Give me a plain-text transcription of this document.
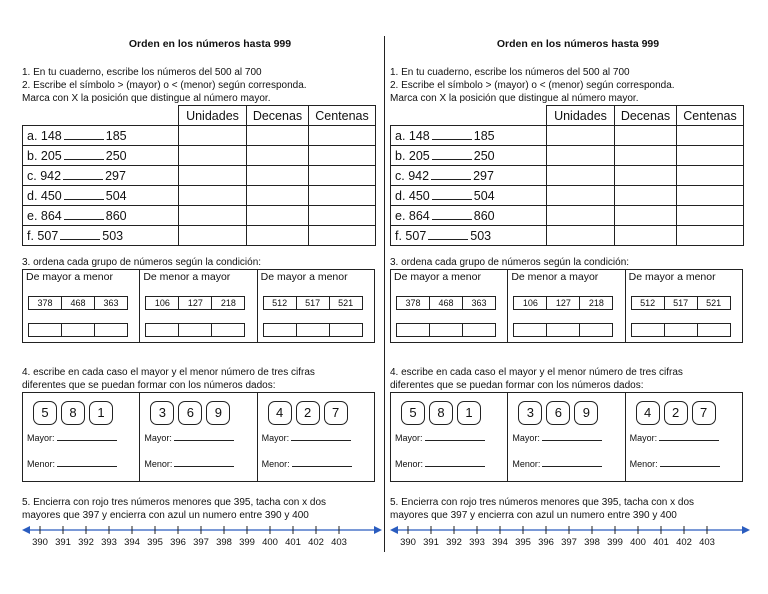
Orden en los números hasta 999
1. En tu cuaderno, escribe los números del 500 al 700
2. Escribe el símbolo > (mayor) o < (menor) según corresponda.
Marca con X la posición que distingue al número mayor.
	Unidades	Decenas	Centenas
a. 148 185			
b. 205 250			
c. 942 297			
d. 450 504			
e. 864 860			
f. 507 503			
3. ordena cada grupo de números según la condición:
De mayor a menor
378	468	363
De menor a mayor
106	127	218
De mayor a menor
512	517	521
4. escribe en cada caso el mayor y el menor número de tres cifras
diferentes que se puedan formar con los números dados:
5	8	1
Mayor:
Menor:
3	6	9
Mayor:
Menor:
4	2	7
Mayor:
Menor:
5. Encierra con rojo tres números menores que 395, tacha con x dos
mayores que 397 y encierra con azul un numero entre 390 y 400
390 391 392 393 394 395 396 397 398 399 400 401 402 403
Orden en los números hasta 999
1. En tu cuaderno, escribe los números del 500 al 700
2. Escribe el símbolo > (mayor) o < (menor) según corresponda.
Marca con X la posición que distingue al número mayor.
	Unidades	Decenas	Centenas
a. 148 185			
b. 205 250			
c. 942 297			
d. 450 504			
e. 864 860			
f. 507 503			
3. ordena cada grupo de números según la condición:
De mayor a menor
378	468	363
De menor a mayor
106	127	218
De mayor a menor
512	517	521
4. escribe en cada caso el mayor y el menor número de tres cifras
diferentes que se puedan formar con los números dados:
5	8	1
Mayor:
Menor:
3	6	9
Mayor:
Menor:
4	2	7
Mayor:
Menor:
5. Encierra con rojo tres números menores que 395, tacha con x dos
mayores que 397 y encierra con azul un numero entre 390 y 400
390 391 392 393 394 395 396 397 398 399 400 401 402 403
